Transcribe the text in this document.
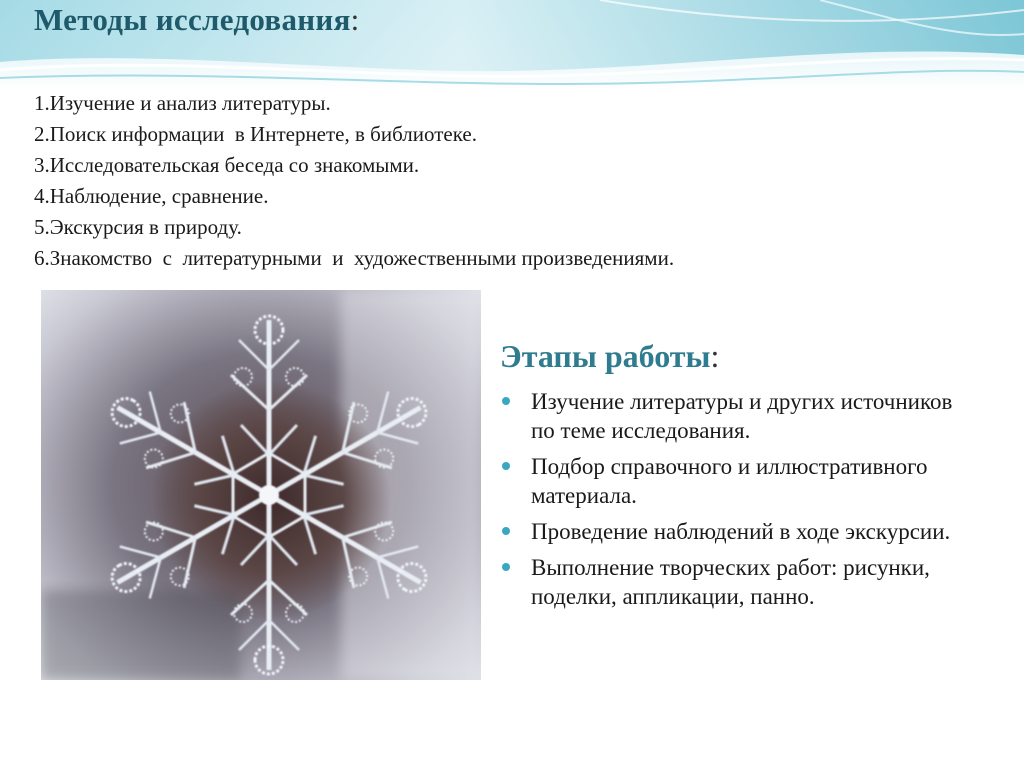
Методы исследования:
1.Изучение и анализ литературы.
2.Поиск информации  в Интернете, в библиотеке.
3.Исследовательская беседа со знакомыми.
4.Наблюдение, сравнение.
5.Экскурсия в природу.
6.Знакомство  с  литературными  и  художественными произведениями.
Этапы работы:
Изучение литературы и других источников по теме исследования.
Подбор справочного и иллюстративного материала.
Проведение наблюдений в ходе экскурсии.
Выполнение творческих работ: рисунки, поделки, аппликации, панно.
